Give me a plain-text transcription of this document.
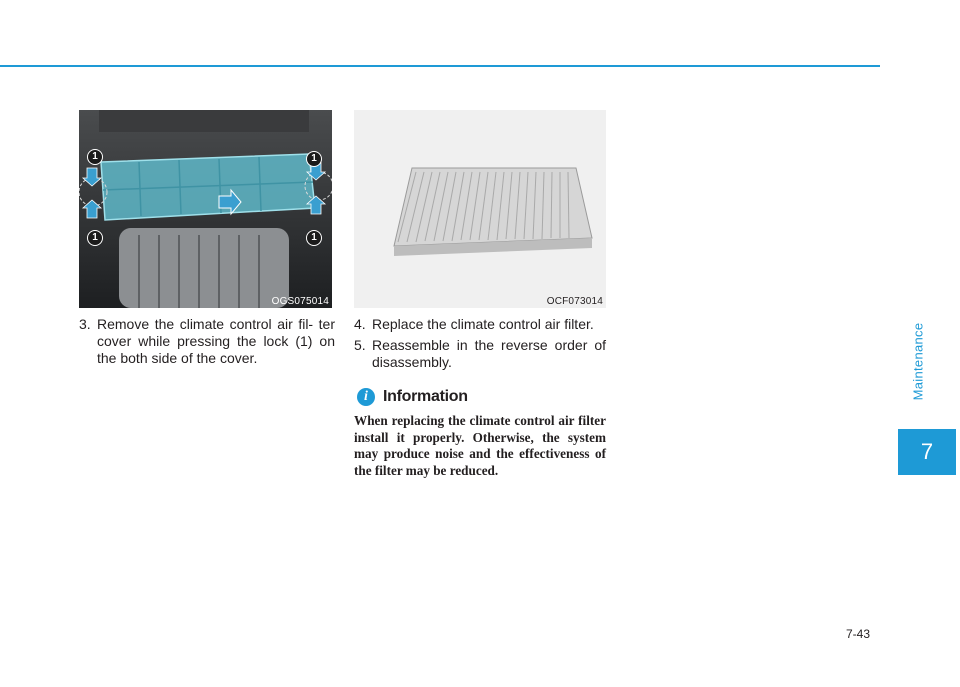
1	1
1	1
OGS075014	OCF073014
3. Remove the climate control air fil- ter cover while pressing the lock (1) on the both side of the cover.
4. Replace the climate control air filter.
5. Reassemble in the reverse order of disassembly.
i Information
When replacing the climate control air filter install it properly. Otherwise, the system may produce noise and the effectiveness of the filter may be reduced.
Maintenance
7
7-43
